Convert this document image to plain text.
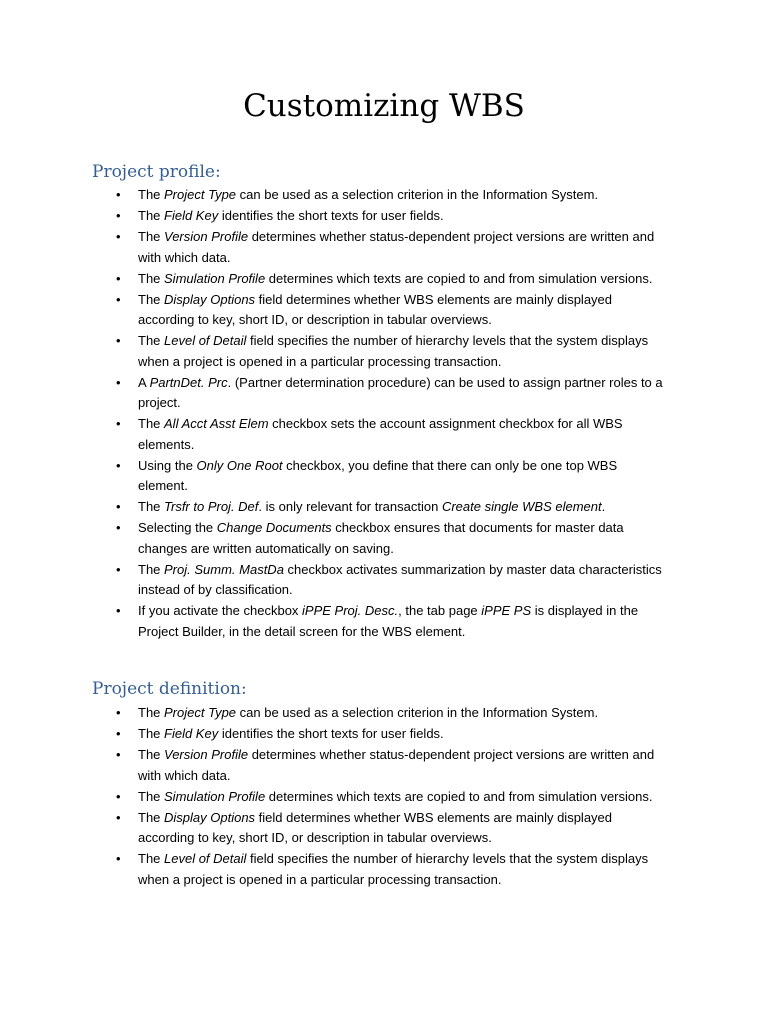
Customizing WBS
Project profile:
• The Project Type can be used as a selection criterion in the Information System.
• The Field Key identifies the short texts for user fields.
• The Version Profile determines whether status-dependent project versions are written and with which data.
• The Simulation Profile determines which texts are copied to and from simulation versions.
• The Display Options field determines whether WBS elements are mainly displayed according to key, short ID, or description in tabular overviews.
• The Level of Detail field specifies the number of hierarchy levels that the system displays when a project is opened in a particular processing transaction.
• A PartnDet. Prc. (Partner determination procedure) can be used to assign partner roles to a project.
• The All Acct Asst Elem checkbox sets the account assignment checkbox for all WBS elements.
• Using the Only One Root checkbox, you define that there can only be one top WBS element.
• The Trsfr to Proj. Def. is only relevant for transaction Create single WBS element.
• Selecting the Change Documents checkbox ensures that documents for master data changes are written automatically on saving.
• The Proj. Summ. MastDa checkbox activates summarization by master data characteristics instead of by classification.
• If you activate the checkbox iPPE Proj. Desc., the tab page iPPE PS is displayed in the Project Builder, in the detail screen for the WBS element.
Project definition:
• The Project Type can be used as a selection criterion in the Information System.
• The Field Key identifies the short texts for user fields.
• The Version Profile determines whether status-dependent project versions are written and with which data.
• The Simulation Profile determines which texts are copied to and from simulation versions.
• The Display Options field determines whether WBS elements are mainly displayed according to key, short ID, or description in tabular overviews.
• The Level of Detail field specifies the number of hierarchy levels that the system displays when a project is opened in a particular processing transaction.
